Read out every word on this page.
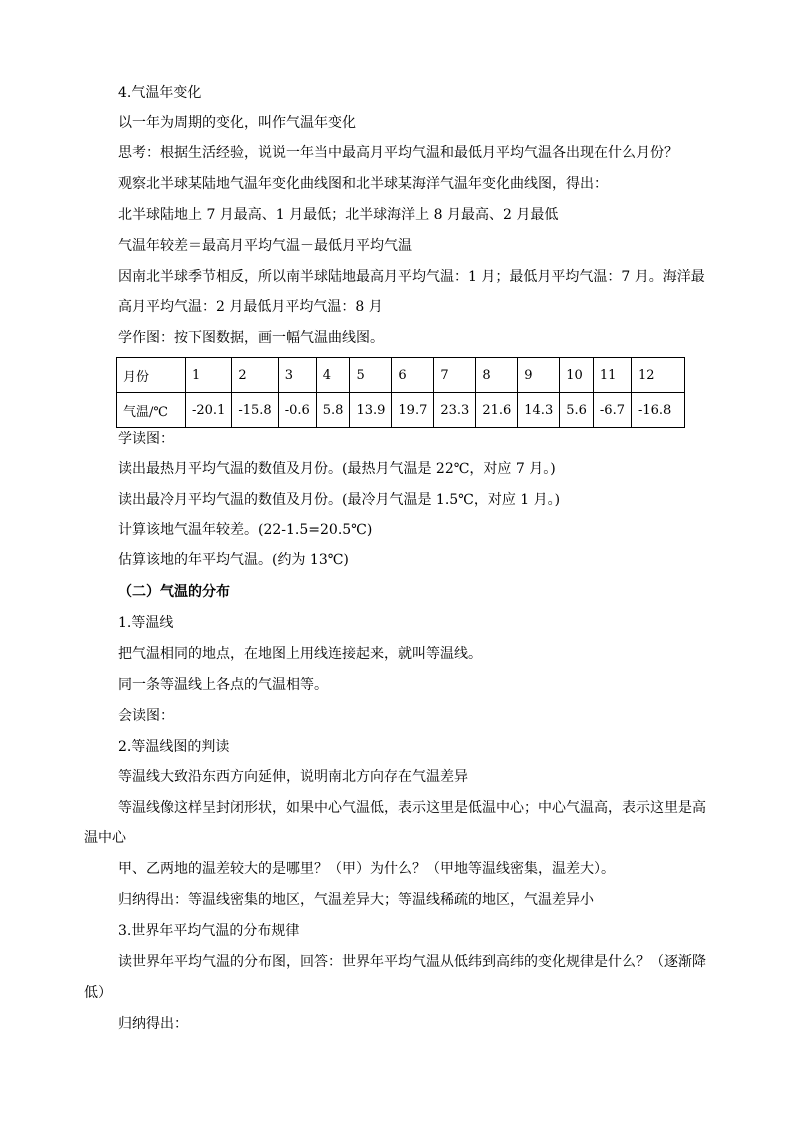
4.气温年变化
以一年为周期的变化，叫作气温年变化
思考：根据生活经验，说说一年当中最高月平均气温和最低月平均气温各出现在什么月份？
观察北半球某陆地气温年变化曲线图和北半球某海洋气温年变化曲线图，得出：
北半球陆地上 7 月最高、1 月最低；北半球海洋上 8 月最高、2 月最低
气温年较差＝最高月平均气温－最低月平均气温
因南北半球季节相反，所以南半球陆地最高月平均气温：1 月；最低月平均气温：7 月。海洋最
高月平均气温：2 月最低月平均气温：8 月
学作图：按下图数据，画一幅气温曲线图。
月份	1	2	3	4	5	6	7	8	9	10	11	12
气温/℃	-20.1	-15.8	-0.6	5.8	13.9	19.7	23.3	21.6	14.3	5.6	-6.7	-16.8
学读图：
读出最热月平均气温的数值及月份。(最热月气温是 22℃，对应 7 月。)
读出最冷月平均气温的数值及月份。(最冷月气温是 1.5℃，对应 1 月。)
计算该地气温年较差。(22-1.5=20.5℃)
估算该地的年平均气温。(约为 13℃)
（二）气温的分布
1.等温线
把气温相同的地点，在地图上用线连接起来，就叫等温线。
同一条等温线上各点的气温相等。
会读图：
2.等温线图的判读
等温线大致沿东西方向延伸，说明南北方向存在气温差异
等温线像这样呈封闭形状，如果中心气温低，表示这里是低温中心；中心气温高，表示这里是高
温中心
甲、乙两地的温差较大的是哪里？（甲）为什么？（甲地等温线密集，温差大）。
归纳得出：等温线密集的地区，气温差异大；等温线稀疏的地区，气温差异小
3.世界年平均气温的分布规律
读世界年平均气温的分布图，回答：世界年平均气温从低纬到高纬的变化规律是什么？（逐渐降
低）
归纳得出：
